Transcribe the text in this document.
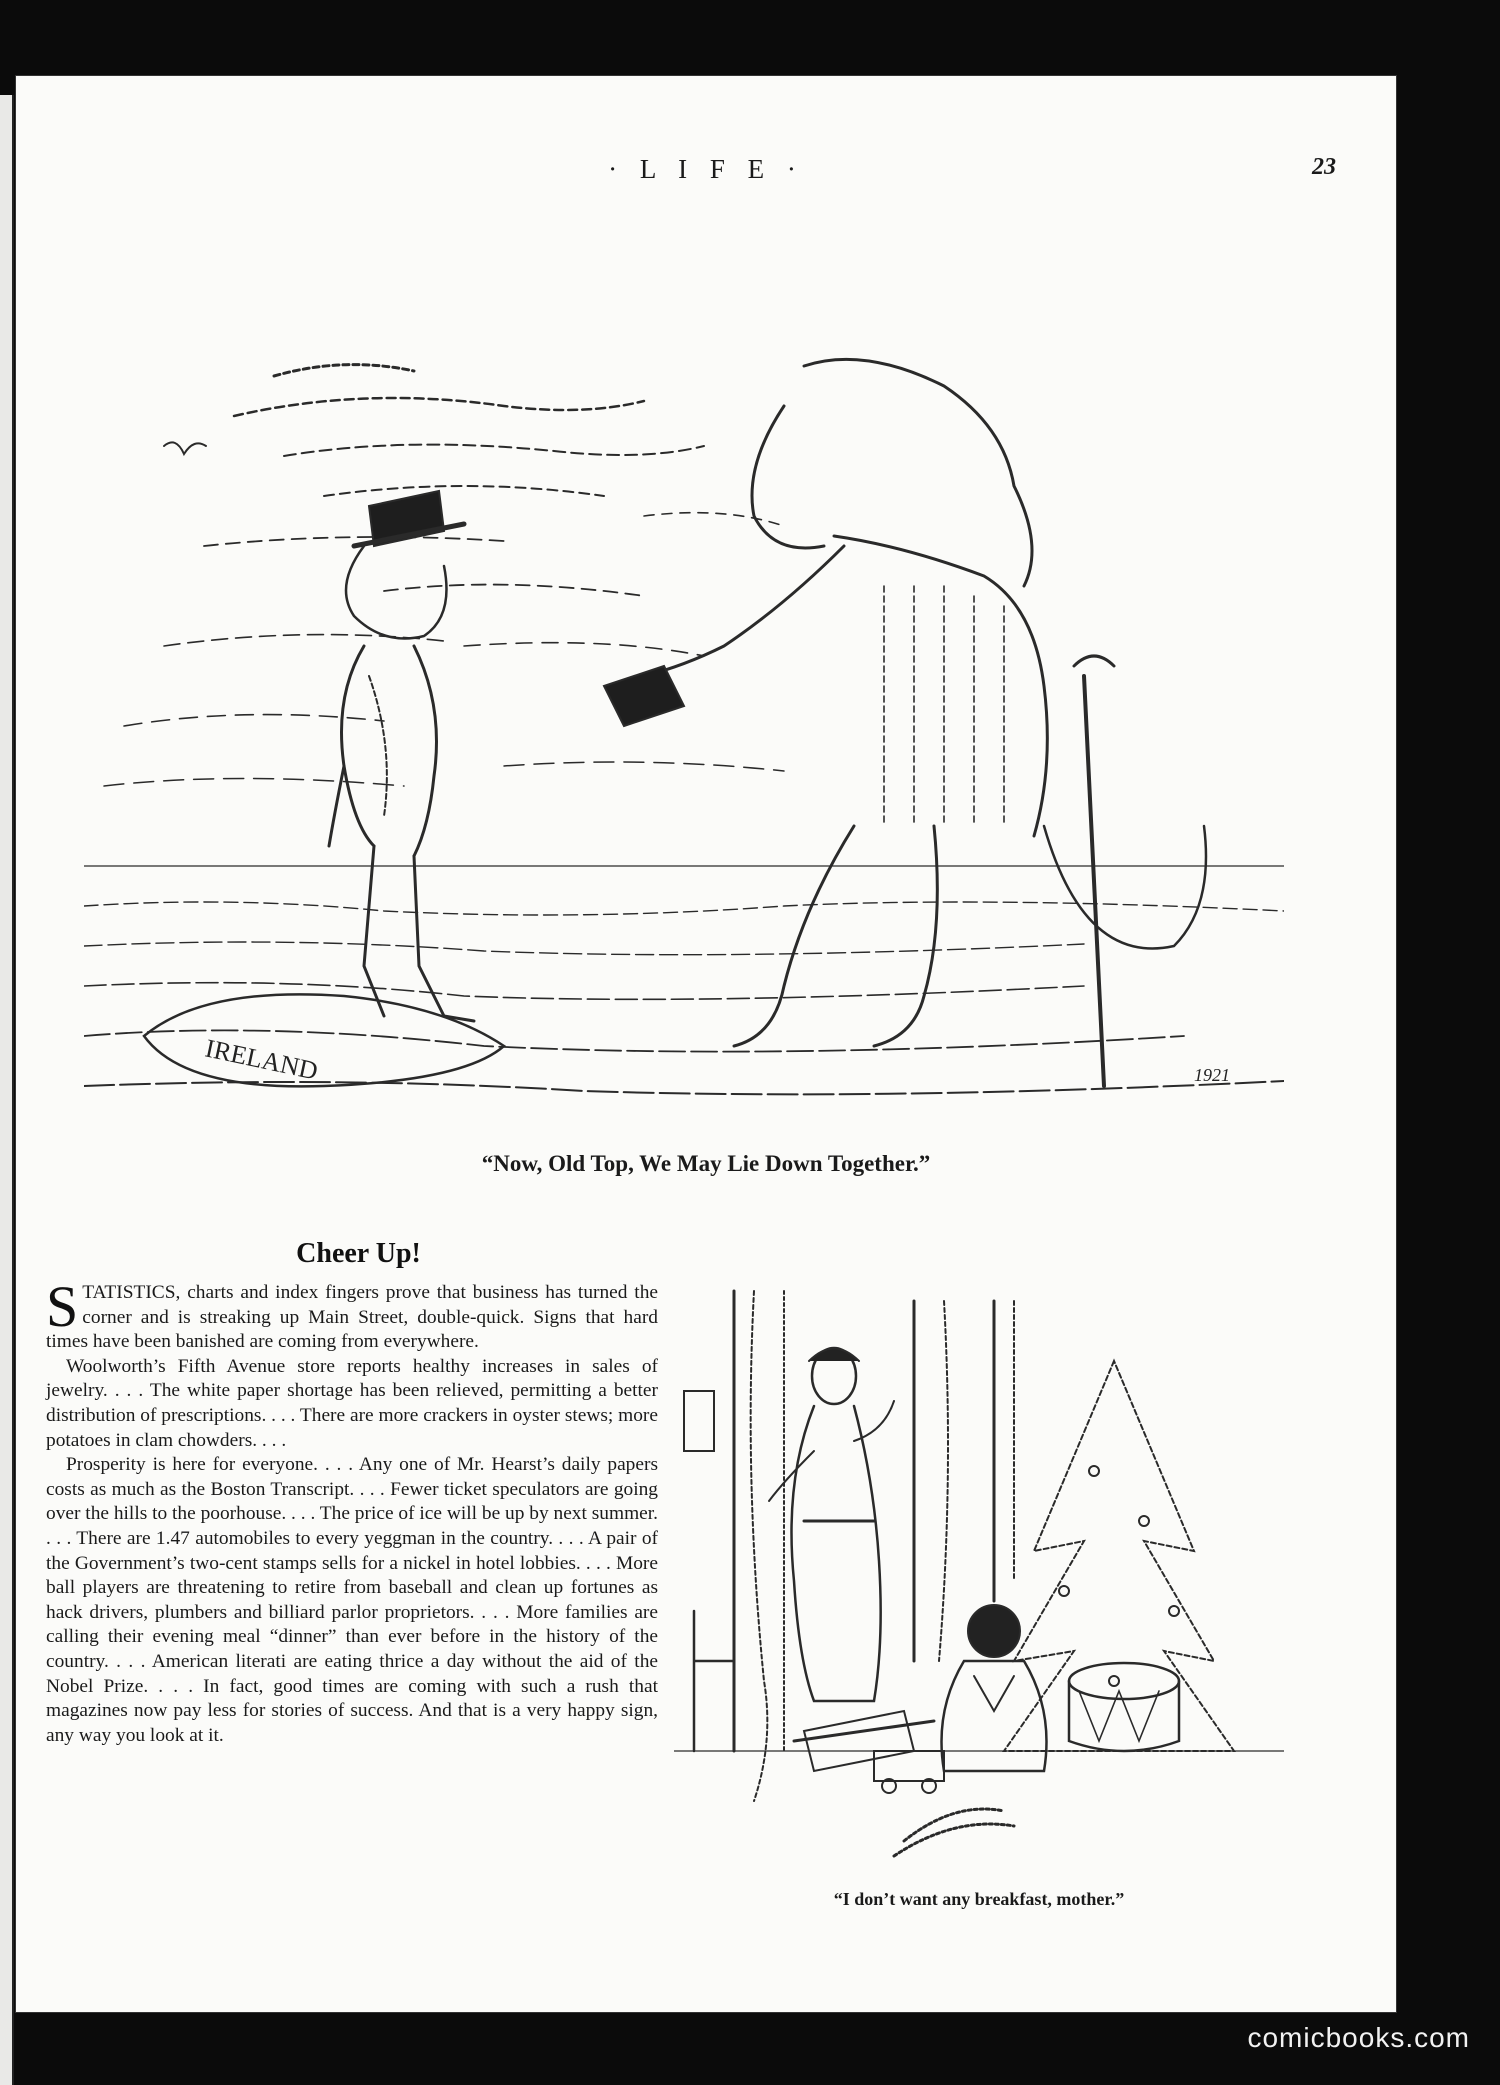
· L I F E ·	23
IRELAND	1921
“Now, Old Top, We May Lie Down Together.”
Cheer Up!

STATISTICS, charts and index fingers prove that business has turned the corner and is streaking up Main Street, double-quick. Signs that hard times have been banished are coming from everywhere.

Woolworth’s Fifth Avenue store reports healthy increases in sales of jewelry. . . . The white paper shortage has been relieved, permitting a better distribution of prescriptions. . . . There are more crackers in oyster stews; more potatoes in clam chowders. . . .

Prosperity is here for everyone. . . . Any one of Mr. Hearst’s daily papers costs as much as the Boston Transcript. . . . Fewer ticket speculators are going over the hills to the poorhouse. . . . The price of ice will be up by next summer. . . . There are 1.47 automobiles to every yeggman in the country. . . . A pair of the Government’s two-cent stamps sells for a nickel in hotel lobbies. . . . More ball players are threatening to retire from baseball and clean up fortunes as hack drivers, plumbers and billiard parlor proprietors. . . . More families are calling their evening meal “dinner” than ever before in the history of the country. . . . American literati are eating thrice a day without the aid of the Nobel Prize. . . . In fact, good times are coming with such a rush that magazines now pay less for stories of success. And that is a very happy sign, any way you look at it.

“I don’t want any breakfast, mother.”
comicbooks.com
